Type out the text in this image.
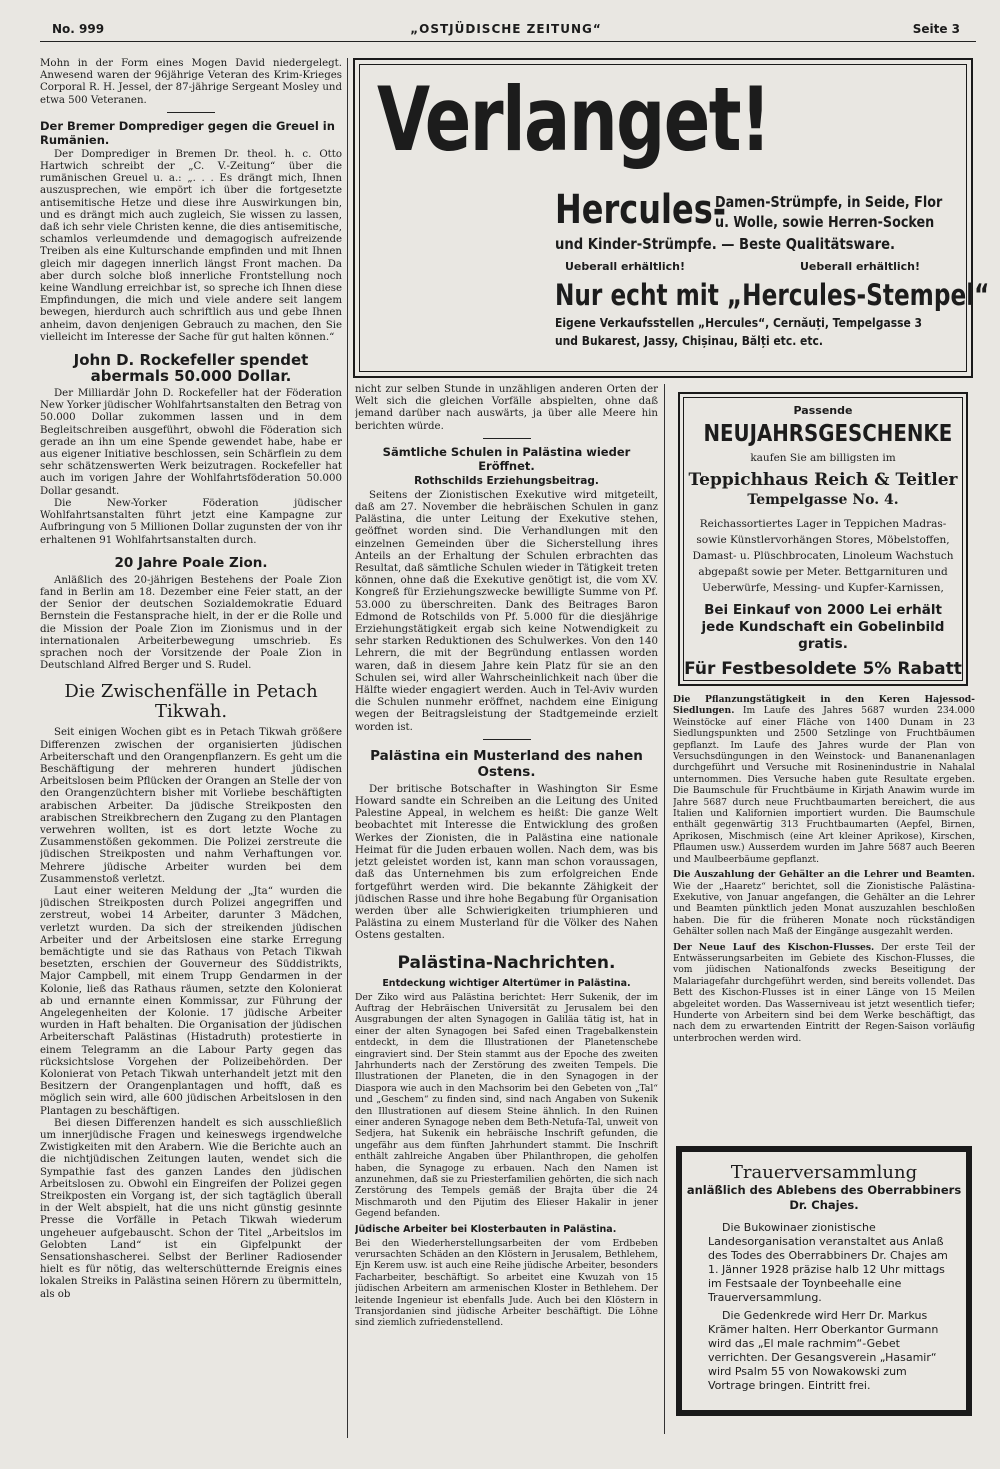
No. 999	„OSTJÜDISCHE ZEITUNG“	Seite 3

Mohn in der Form eines Mogen David niedergelegt. Anwesend waren der 96jährige Veteran des Krim-Krieges Corporal R. H. Jessel, der 87-jährige Sergeant Mosley und etwa 500 Veteranen.

Der Bremer Domprediger gegen die Greuel in Rumänien.

Der Domprediger in Bremen Dr. theol. h. c. Otto Hartwich schreibt der „C. V.-Zeitung“ über die rumänischen Greuel u. a.: „. . . Es drängt mich, Ihnen auszusprechen, wie empört ich über die fortgesetzte antisemitische Hetze und diese ihre Auswirkungen bin, und es drängt mich auch zugleich, Sie wissen zu lassen, daß ich sehr viele Christen kenne, die dies antisemitische, schamlos verleumdende und demagogisch aufreizende Treiben als eine Kulturschande empfinden und mit Ihnen gleich mir dagegen innerlich längst Front machen. Da aber durch solche bloß innerliche Frontstellung noch keine Wandlung erreichbar ist, so spreche ich Ihnen diese Empfindungen, die mich und viele andere seit langem bewegen, hierdurch auch schriftlich aus und gebe Ihnen anheim, davon denjenigen Gebrauch zu machen, den Sie vielleicht im Interesse der Sache für gut halten können.“

John D. Rockefeller spendet abermals 50.000 Dollar.

Der Milliardär John D. Rockefeller hat der Föderation New Yorker jüdischer Wohlfahrtsanstalten den Betrag von 50.000 Dollar zukommen lassen und in dem Begleitschreiben ausgeführt, obwohl die Föderation sich gerade an ihn um eine Spende gewendet habe, habe er aus eigener Initiative beschlossen, sein Schärflein zu dem sehr schätzenswerten Werk beizutragen. Rockefeller hat auch im vorigen Jahre der Wohlfahrtsföderation 50.000 Dollar gesandt.

Die New-Yorker Föderation jüdischer Wohlfahrtsanstalten führt jetzt eine Kampagne zur Aufbringung von 5 Millionen Dollar zugunsten der von ihr erhaltenen 91 Wohlfahrtsanstalten durch.

20 Jahre Poale Zion.

Anläßlich des 20-jährigen Bestehens der Poale Zion fand in Berlin am 18. Dezember eine Feier statt, an der der Senior der deutschen Sozialdemokratie Eduard Bernstein die Festansprache hielt, in der er die Rolle und die Mission der Poale Zion im Zionismus und in der internationalen Arbeiterbewegung umschrieb. Es sprachen noch der Vorsitzende der Poale Zion in Deutschland Alfred Berger und S. Rudel.

Die Zwischenfälle in Petach Tikwah.

Seit einigen Wochen gibt es in Petach Tikwah größere Differenzen zwischen der organisierten jüdischen Arbeiterschaft und den Orangenpflanzern. Es geht um die Beschäftigung der mehreren hundert jüdischen Arbeitslosen beim Pflücken der Orangen an Stelle der von den Orangenzüchtern bisher mit Vorliebe beschäftigten arabischen Arbeiter. Da jüdische Streikposten den arabischen Streikbrechern den Zugang zu den Plantagen verwehren wollten, ist es dort letzte Woche zu Zusammenstößen gekommen. Die Polizei zerstreute die jüdischen Streikposten und nahm Verhaftungen vor. Mehrere jüdische Arbeiter wurden bei dem Zusammenstoß verletzt.

Laut einer weiteren Meldung der „Jta“ wurden die jüdischen Streikposten durch Polizei angegriffen und zerstreut, wobei 14 Arbeiter, darunter 3 Mädchen, verletzt wurden. Da sich der streikenden jüdischen Arbeiter und der Arbeitslosen eine starke Erregung bemächtigte und sie das Rathaus von Petach Tikwah besetzten, erschien der Gouverneur des Süddistrikts, Major Campbell, mit einem Trupp Gendarmen in der Kolonie, ließ das Rathaus räumen, setzte den Kolonierat ab und ernannte einen Kommissar, zur Führung der Angelegenheiten der Kolonie. 17 jüdische Arbeiter wurden in Haft behalten. Die Organisation der jüdischen Arbeiterschaft Palästinas (Histadruth) protestierte in einem Telegramm an die Labour Party gegen das rücksichtslose Vorgehen der Polizeibehörden. Der Kolonierat von Petach Tikwah unterhandelt jetzt mit den Besitzern der Orangenplantagen und hofft, daß es möglich sein wird, alle 600 jüdischen Arbeitslosen in den Plantagen zu beschäftigen.

Bei diesen Differenzen handelt es sich ausschließlich um innerjüdische Fragen und keineswegs irgendwelche Zwistigkeiten mit den Arabern. Wie die Berichte auch an die nichtjüdischen Zeitungen lauten, wendet sich die Sympathie fast des ganzen Landes den jüdischen Arbeitslosen zu. Obwohl ein Eingreifen der Polizei gegen Streikposten ein Vorgang ist, der sich tagtäglich überall in der Welt abspielt, hat die uns nicht günstig gesinnte Presse die Vorfälle in Petach Tikwah wiederum ungeheuer aufgebauscht. Schon der Titel „Arbeitslos im Gelobten Land“ ist ein Gipfelpunkt der Sensationshascherei. Selbst der Berliner Radiosender hielt es für nötig, das welterschütternde Ereignis eines lokalen Streiks in Palästina seinen Hörern zu übermitteln, als ob

Verlanget!
Hercules-
Damen-Strümpfe, in Seide, Flor
u. Wolle, sowie Herren-Socken
und Kinder-Strümpfe. — Beste Qualitätsware.
Ueberall erhältlich!	Ueberall erhältlich!
Nur echt mit „Hercules-Stempel“
Eigene Verkaufsstellen „Hercules“, Cernăuți, Tempelgasse 3
und Bukarest, Jassy, Chișinau, Bălți etc. etc.

nicht zur selben Stunde in unzähligen anderen Orten der Welt sich die gleichen Vorfälle abspielten, ohne daß jemand darüber nach auswärts, ja über alle Meere hin berichten würde.

Sämtliche Schulen in Palästina wieder Eröffnet.
Rothschilds Erziehungsbeitrag.

Seitens der Zionistischen Exekutive wird mitgeteilt, daß am 27. November die hebräischen Schulen in ganz Palästina, die unter Leitung der Exekutive stehen, geöffnet worden sind. Die Verhandlungen mit den einzelnen Gemeinden über die Sicherstellung ihres Anteils an der Erhaltung der Schulen erbrachten das Resultat, daß sämtliche Schulen wieder in Tätigkeit treten können, ohne daß die Exekutive genötigt ist, die vom XV. Kongreß für Erziehungszwecke bewilligte Summe von Pf. 53.000 zu überschreiten. Dank des Beitrages Baron Edmond de Rotschilds von Pf. 5.000 für die diesjährige Erziehungstätigkeit ergab sich keine Notwendigkeit zu sehr starken Reduktionen des Schulwerkes. Von den 140 Lehrern, die mit der Begründung entlassen worden waren, daß in diesem Jahre kein Platz für sie an den Schulen sei, wird aller Wahrscheinlichkeit nach über die Hälfte wieder engagiert werden. Auch in Tel-Aviv wurden die Schulen nunmehr eröffnet, nachdem eine Einigung wegen der Beitragsleistung der Stadtgemeinde erzielt worden ist.

Palästina ein Musterland des nahen Ostens.

Der britische Botschafter in Washington Sir Esme Howard sandte ein Schreiben an die Leitung des United Palestine Appeal, in welchem es heißt: Die ganze Welt beobachtet mit Interesse die Entwicklung des großen Werkes der Zionisten, die in Palästina eine nationale Heimat für die Juden erbauen wollen. Nach dem, was bis jetzt geleistet worden ist, kann man schon voraussagen, daß das Unternehmen bis zum erfolgreichen Ende fortgeführt werden wird. Die bekannte Zähigkeit der jüdischen Rasse und ihre hohe Begabung für Organisation werden über alle Schwierigkeiten triumphieren und Palästina zu einem Musterland für die Völker des Nahen Ostens gestalten.

Palästina-Nachrichten.
Entdeckung wichtiger Altertümer in Palästina.

Der Ziko wird aus Palästina berichtet: Herr Sukenik, der im Auftrag der Hebräischen Universität zu Jerusalem bei den Ausgrabungen der alten Synagogen in Galiläa tätig ist, hat in einer der alten Synagogen bei Safed einen Tragebalkenstein entdeckt, in dem die Illustrationen der Planetenschebe eingraviert sind. Der Stein stammt aus der Epoche des zweiten Jahrhunderts nach der Zerstörung des zweiten Tempels. Die Illustrationen der Planeten, die in den Synagogen in der Diaspora wie auch in den Machsorim bei den Gebeten von „Tal“ und „Geschem“ zu finden sind, sind nach Angaben von Sukenik den Illustrationen auf diesem Steine ähnlich. In den Ruinen einer anderen Synagoge neben dem Beth-Netufa-Tal, unweit von Sedjera, hat Sukenik ein hebräische Inschrift gefunden, die ungefähr aus dem fünften Jahrhundert stammt. Die Inschrift enthält zahlreiche Angaben über Philanthropen, die geholfen haben, die Synagoge zu erbauen. Nach den Namen ist anzunehmen, daß sie zu Priesterfamilien gehörten, die sich nach Zerstörung des Tempels gemäß der Brajta über die 24 Mischmaroth und den Pijutim des Elieser Hakalir in jener Gegend befanden.

Jüdische Arbeiter bei Klosterbauten in Palästina.

Bei den Wiederherstellungsarbeiten der vom Erdbeben verursachten Schäden an den Klöstern in Jerusalem, Bethlehem, Ejn Kerem usw. ist auch eine Reihe jüdische Arbeiter, besonders Facharbeiter, beschäftigt. So arbeitet eine Kwuzah von 15 jüdischen Arbeitern am armenischen Kloster in Bethlehem. Der leitende Ingenieur ist ebenfalls Jude. Auch bei den Klöstern in Transjordanien sind jüdische Arbeiter beschäftigt. Die Löhne sind ziemlich zufriedenstellend.

Passende
NEUJAHRSGESCHENKE
kaufen Sie am billigsten im
Teppichhaus Reich & Teitler
Tempelgasse No. 4.
Reichassortiertes Lager in Teppichen Madras- sowie Künstlervorhängen Stores, Möbelstoffen, Damast- u. Plüschbrocaten, Linoleum Wachstuch abgepaßt sowie per Meter. Bettgarnituren und Ueberwürfe, Messing- und Kupfer-Karnissen,
Bei Einkauf von 2000 Lei erhält jede Kundschaft ein Gobelinbild gratis.
Für Festbesoldete 5% Rabatt

Die Pflanzungstätigkeit in den Keren Hajessod-Siedlungen. Im Laufe des Jahres 5687 wurden 234.000 Weinstöcke auf einer Fläche von 1400 Dunam in 23 Siedlungspunkten und 2500 Setzlinge von Fruchtbäumen gepflanzt. Im Laufe des Jahres wurde der Plan von Versuchsdüngungen in den Weinstock- und Bananenanlagen durchgeführt und Versuche mit Rosinenindustrie in Nahalal unternommen. Dies Versuche haben gute Resultate ergeben. Die Baumschule für Fruchtbäume in Kirjath Anawim wurde im Jahre 5687 durch neue Fruchtbaumarten bereichert, die aus Italien und Kalifornien importiert wurden. Die Baumschule enthält gegenwärtig 313 Fruchtbaumarten (Aepfel, Birnen, Aprikosen, Mischmisch (eine Art kleiner Aprikose), Kirschen, Pflaumen usw.) Ausserdem wurden im Jahre 5687 auch Beeren und Maulbeerbäume gepflanzt.

Die Auszahlung der Gehälter an die Lehrer und Beamten. Wie der „Haaretz“ berichtet, soll die Zionistische Palästina-Exekutive, von Januar angefangen, die Gehälter an die Lehrer und Beamten pünktlich jeden Monat auszuzahlen beschloßen haben. Die für die früheren Monate noch rückständigen Gehälter sollen nach Maß der Eingänge ausgezahlt werden.

Der Neue Lauf des Kischon-Flusses. Der erste Teil der Entwässerungsarbeiten im Gebiete des Kischon-Flusses, die vom jüdischen Nationalfonds zwecks Beseitigung der Malariagefahr durchgeführt werden, sind bereits vollendet. Das Bett des Kischon-Flusses ist in einer Länge von 15 Meilen abgeleitet worden. Das Wasserniveau ist jetzt wesentlich tiefer; Hunderte von Arbeitern sind bei dem Werke beschäftigt, das nach dem zu erwartenden Eintritt der Regen-Saison vorläufig unterbrochen werden wird.

Trauerversammlung
anläßlich des Ablebens des Oberrabbiners Dr. Chajes.
Die Bukowinaer zionistische Landesorganisation veranstaltet aus Anlaß des Todes des Oberrabbiners Dr. Chajes am 1. Jänner 1928 präzise halb 12 Uhr mittags im Festsaale der Toynbeehalle eine Trauerversammlung.
Die Gedenkrede wird Herr Dr. Markus Krämer halten. Herr Oberkantor Gurmann wird das „El male rachmim“-Gebet verrichten. Der Gesangsverein „Hasamir“ wird Psalm 55 von Nowakowski zum Vortrage bringen. Eintritt frei.
